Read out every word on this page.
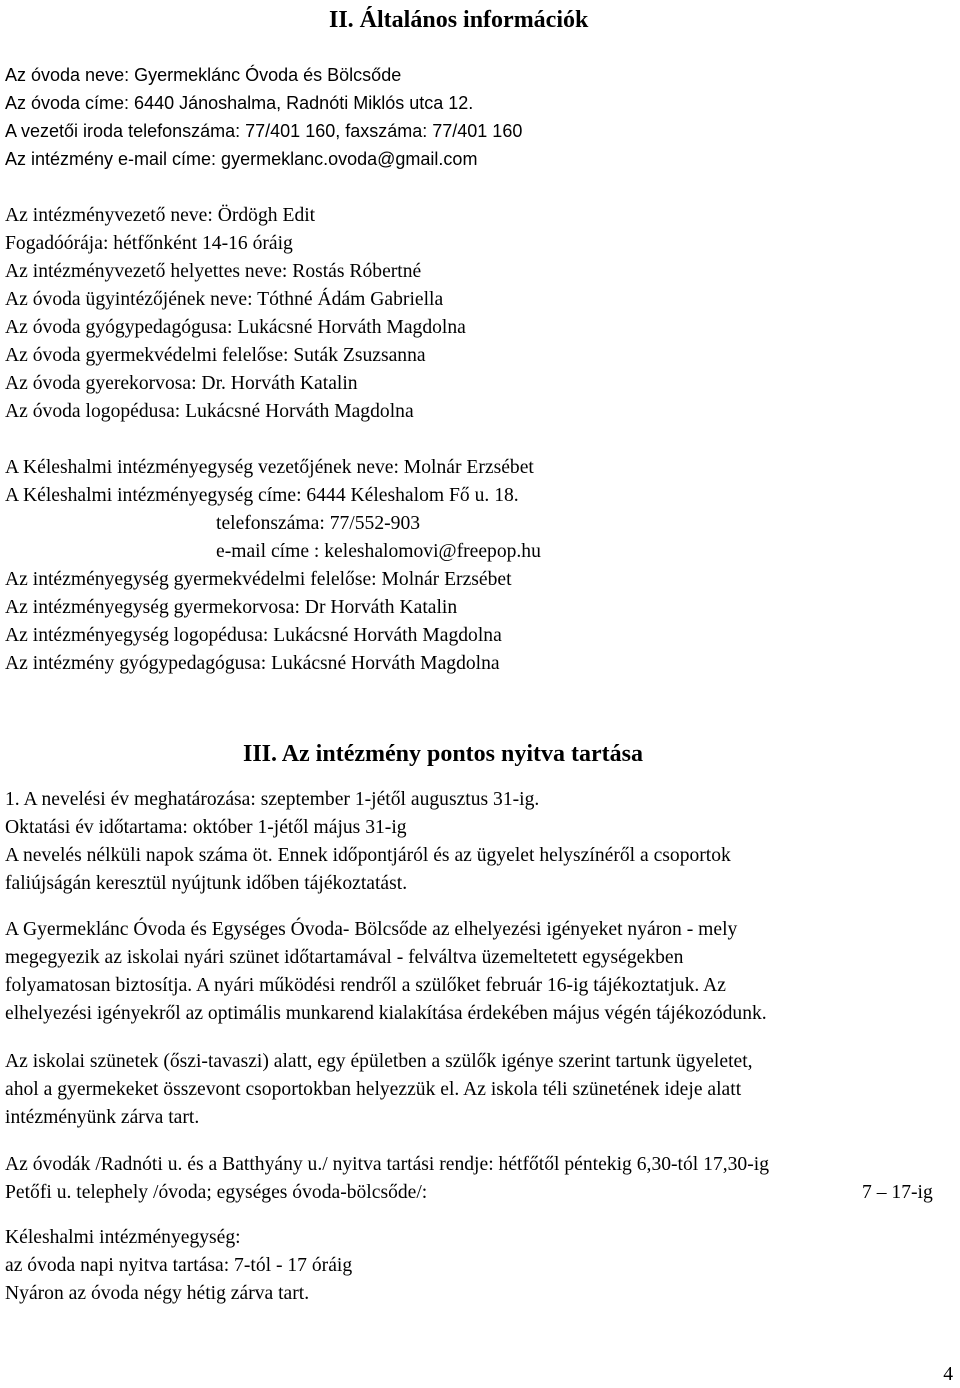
II. Általános információk
Az óvoda neve: Gyermeklánc Óvoda és Bölcsőde
Az óvoda címe: 6440 Jánoshalma, Radnóti Miklós utca 12.
A vezetői iroda telefonszáma: 77/401 160, faxszáma: 77/401 160
Az intézmény e-mail címe: gyermeklanc.ovoda@gmail.com
Az intézményvezető neve: Ördögh Edit
Fogadóórája: hétfőnként 14-16 óráig
Az intézményvezető helyettes neve: Rostás Róbertné
Az óvoda ügyintézőjének neve: Tóthné Ádám Gabriella
Az óvoda gyógypedagógusa: Lukácsné Horváth Magdolna
Az óvoda gyermekvédelmi felelőse: Suták Zsuzsanna
Az óvoda gyerekorvosa: Dr. Horváth Katalin
Az óvoda logopédusa: Lukácsné Horváth Magdolna
A Kéleshalmi intézményegység vezetőjének neve: Molnár Erzsébet
A Kéleshalmi intézményegység címe: 6444 Kéleshalom Fő u. 18.
telefonszáma: 77/552-903
e-mail címe : keleshalomovi@freepop.hu
Az intézményegység gyermekvédelmi felelőse: Molnár Erzsébet
Az intézményegység gyermekorvosa: Dr Horváth Katalin
Az intézményegység logopédusa: Lukácsné Horváth Magdolna
Az intézmény gyógypedagógusa: Lukácsné Horváth Magdolna
III. Az intézmény pontos nyitva tartása
1. A nevelési év meghatározása: szeptember 1-jétől augusztus 31-ig.
Oktatási év időtartama: október 1-jétől május 31-ig
A nevelés nélküli napok száma öt. Ennek időpontjáról és az ügyelet helyszínéről a csoportok
faliújságán keresztül nyújtunk időben tájékoztatást.
A Gyermeklánc Óvoda és Egységes Óvoda- Bölcsőde az elhelyezési igényeket nyáron - mely
megegyezik az iskolai nyári szünet időtartamával - felváltva üzemeltetett egységekben
folyamatosan biztosítja. A nyári működési rendről a szülőket február 16-ig tájékoztatjuk. Az
elhelyezési igényekről az optimális munkarend kialakítása érdekében május végén tájékozódunk.
Az iskolai szünetek (őszi-tavaszi) alatt, egy épületben a szülők igénye szerint tartunk ügyeletet,
ahol a gyermekeket összevont csoportokban helyezzük el. Az iskola téli szünetének ideje alatt
intézményünk zárva tart.
Az óvodák /Radnóti u. és a Batthyány u./ nyitva tartási rendje: hétfőtől péntekig 6,30-tól 17,30-ig
Petőfi u. telephely /óvoda; egységes óvoda-bölcsőde/:	7 – 17-ig
Kéleshalmi intézményegység:
az óvoda napi nyitva tartása: 7-tól - 17 óráig
Nyáron az óvoda négy hétig zárva tart.
4
